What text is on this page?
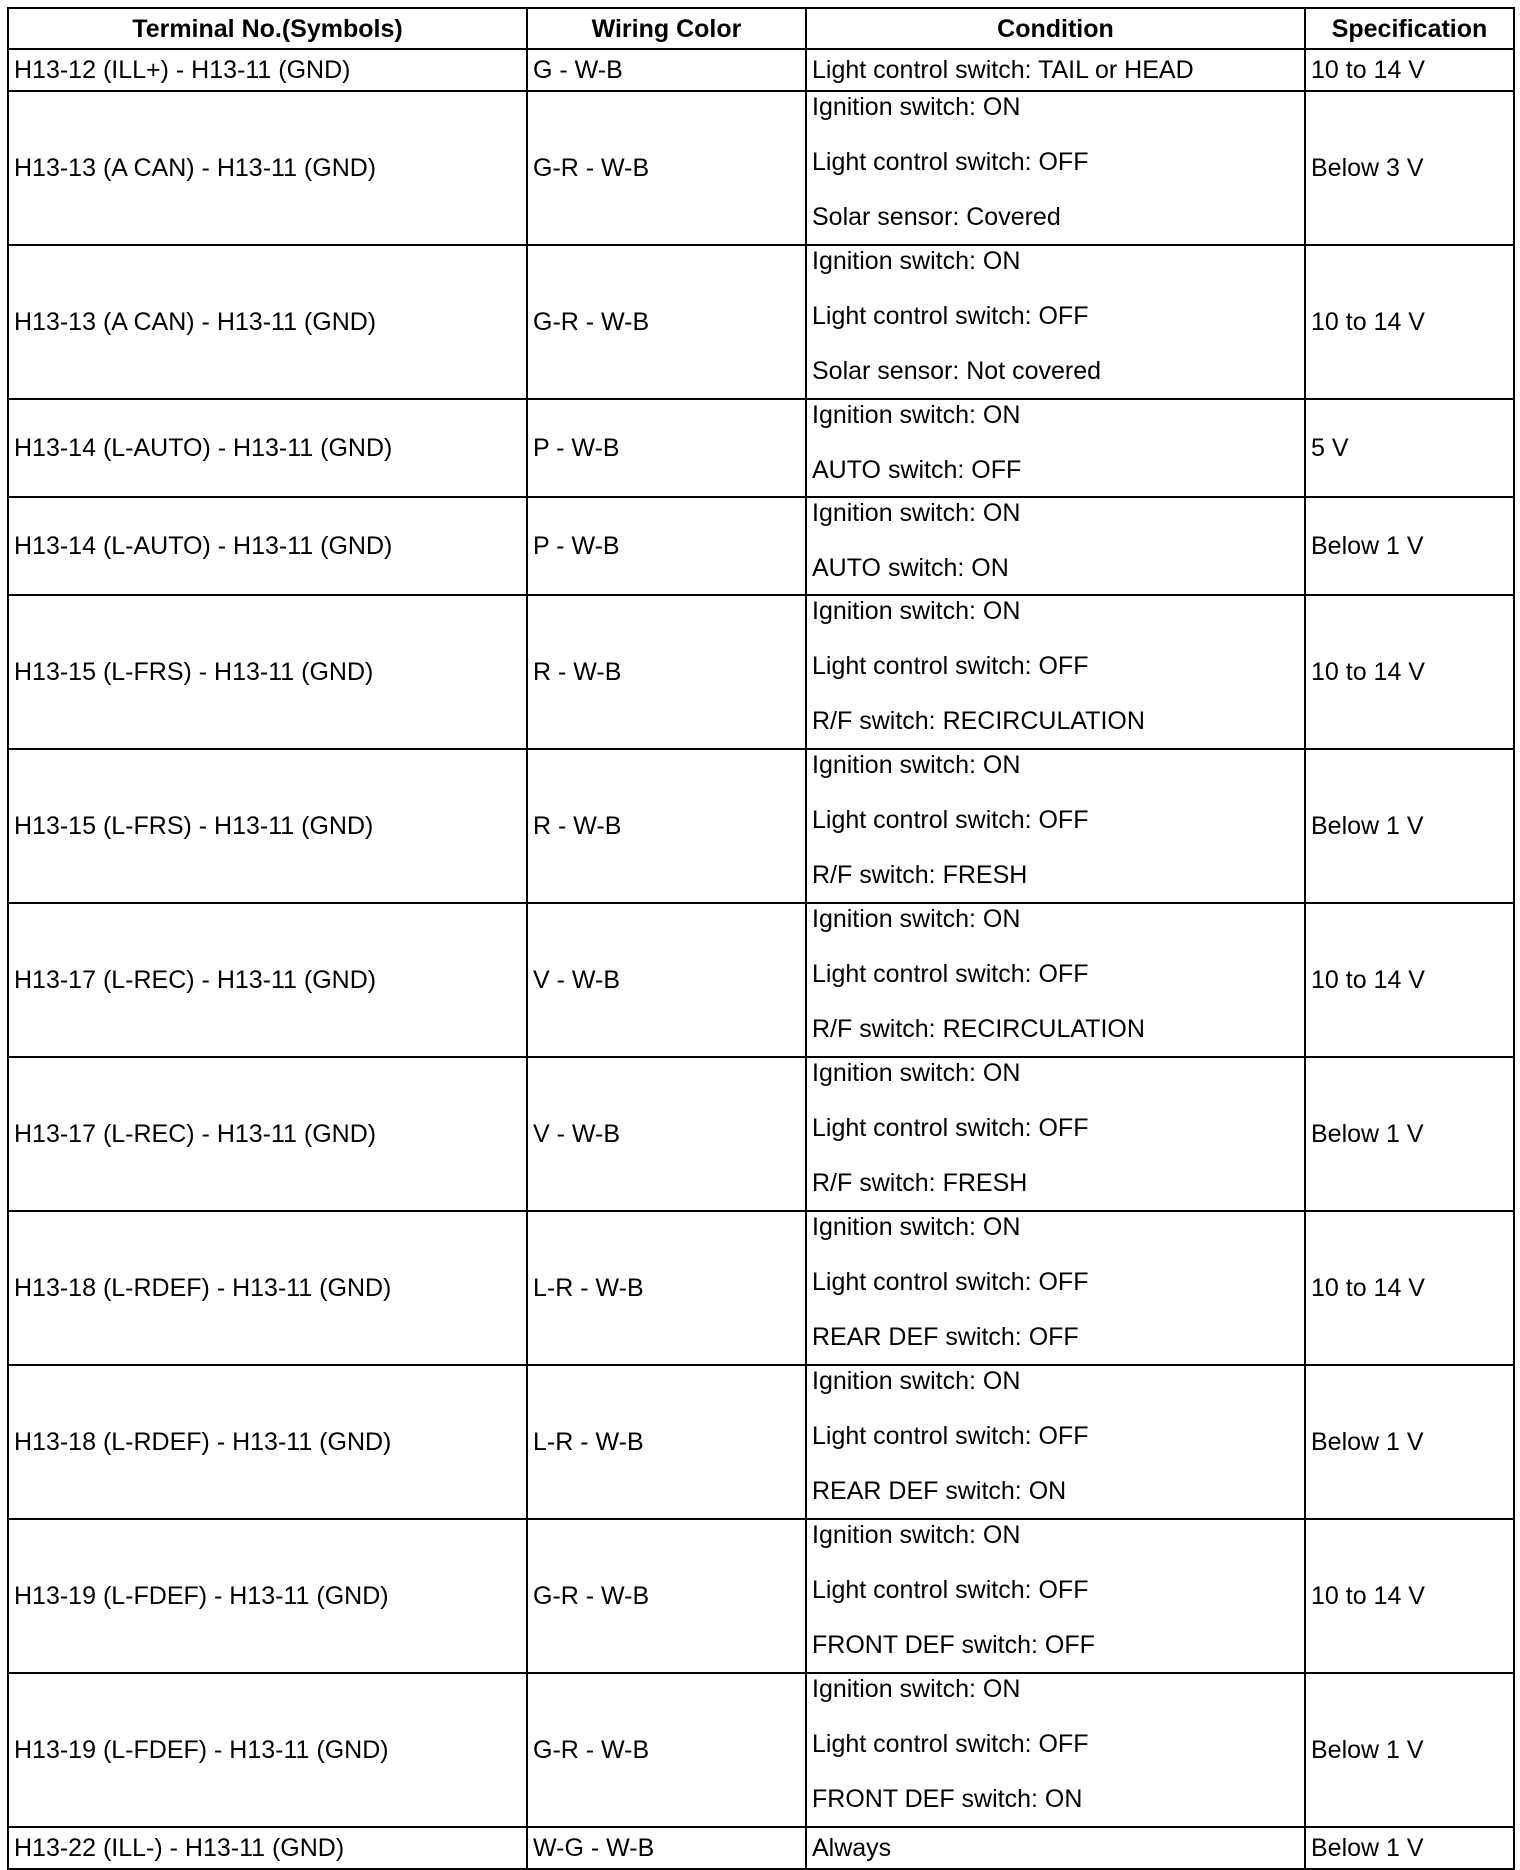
Terminal No.(Symbols)	Wiring Color	Condition	Specification
H13-12 (ILL+) - H13-11 (GND)	G - W-B	Light control switch: TAIL or HEAD	10 to 14 V
H13-13 (A CAN) - H13-11 (GND)	G-R - W-B	Ignition switch: ON
Light control switch: OFF
Solar sensor: Covered	Below 3 V
H13-13 (A CAN) - H13-11 (GND)	G-R - W-B	Ignition switch: ON
Light control switch: OFF
Solar sensor: Not covered	10 to 14 V
H13-14 (L-AUTO) - H13-11 (GND)	P - W-B	Ignition switch: ON
AUTO switch: OFF	5 V
H13-14 (L-AUTO) - H13-11 (GND)	P - W-B	Ignition switch: ON
AUTO switch: ON	Below 1 V
H13-15 (L-FRS) - H13-11 (GND)	R - W-B	Ignition switch: ON
Light control switch: OFF
R/F switch: RECIRCULATION	10 to 14 V
H13-15 (L-FRS) - H13-11 (GND)	R - W-B	Ignition switch: ON
Light control switch: OFF
R/F switch: FRESH	Below 1 V
H13-17 (L-REC) - H13-11 (GND)	V - W-B	Ignition switch: ON
Light control switch: OFF
R/F switch: RECIRCULATION	10 to 14 V
H13-17 (L-REC) - H13-11 (GND)	V - W-B	Ignition switch: ON
Light control switch: OFF
R/F switch: FRESH	Below 1 V
H13-18 (L-RDEF) - H13-11 (GND)	L-R - W-B	Ignition switch: ON
Light control switch: OFF
REAR DEF switch: OFF	10 to 14 V
H13-18 (L-RDEF) - H13-11 (GND)	L-R - W-B	Ignition switch: ON
Light control switch: OFF
REAR DEF switch: ON	Below 1 V
H13-19 (L-FDEF) - H13-11 (GND)	G-R - W-B	Ignition switch: ON
Light control switch: OFF
FRONT DEF switch: OFF	10 to 14 V
H13-19 (L-FDEF) - H13-11 (GND)	G-R - W-B	Ignition switch: ON
Light control switch: OFF
FRONT DEF switch: ON	Below 1 V
H13-22 (ILL-) - H13-11 (GND)	W-G - W-B	Always	Below 1 V
